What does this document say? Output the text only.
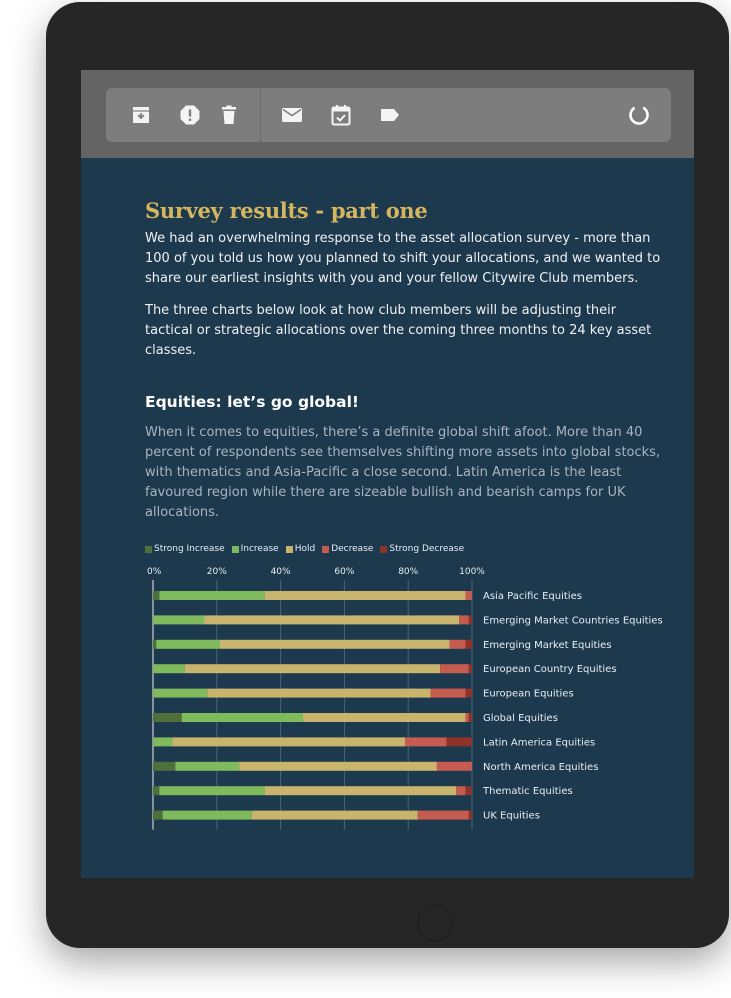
Survey results - part one

We had an overwhelming response to the asset allocation survey - more than 100 of you told us how you planned to shift your allocations, and we wanted to share our earliest insights with you and your fellow Citywire Club members.

The three charts below look at how club members will be adjusting their tactical or strategic allocations over the coming three months to 24 key asset classes.

Equities: let’s go global!

When it comes to equities, there’s a definite global shift afoot. More than 40 percent of respondents see themselves shifting more assets into global stocks, with thematics and Asia-Pacific a close second. Latin America is the least favoured region while there are sizeable bullish and bearish camps for UK allocations.

Strong Increase Increase Hold Decrease Strong Decrease
0%	20%	40%	60%	80%	100%
Asia Pacific Equities
Emerging Market Countries Equities
Emerging Market Equities
European Country Equities
European Equities
Global Equities
Latin America Equities
North America Equities
Thematic Equities
UK Equities
